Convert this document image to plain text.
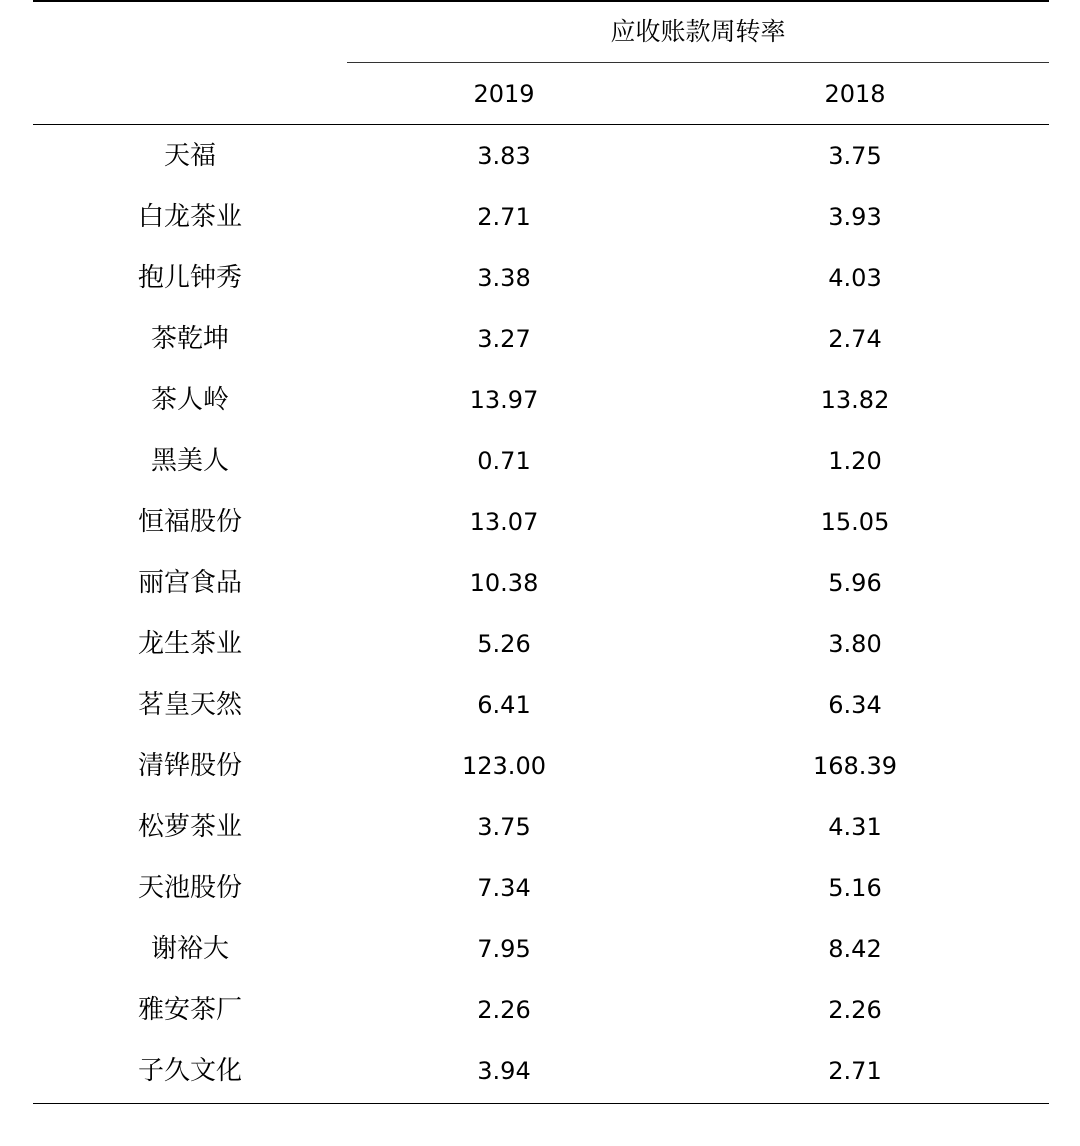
应收账款周转率
2019	2018
天福	3.83	3.75
白龙茶业	2.71	3.93
抱儿钟秀	3.38	4.03
茶乾坤	3.27	2.74
茶人岭	13.97	13.82
黑美人	0.71	1.20
恒福股份	13.07	15.05
丽宫食品	10.38	5.96
龙生茶业	5.26	3.80
茗皇天然	6.41	6.34
清铧股份	123.00	168.39
松萝茶业	3.75	4.31
天池股份	7.34	5.16
谢裕大	7.95	8.42
雅安茶厂	2.26	2.26
子久文化	3.94	2.71
